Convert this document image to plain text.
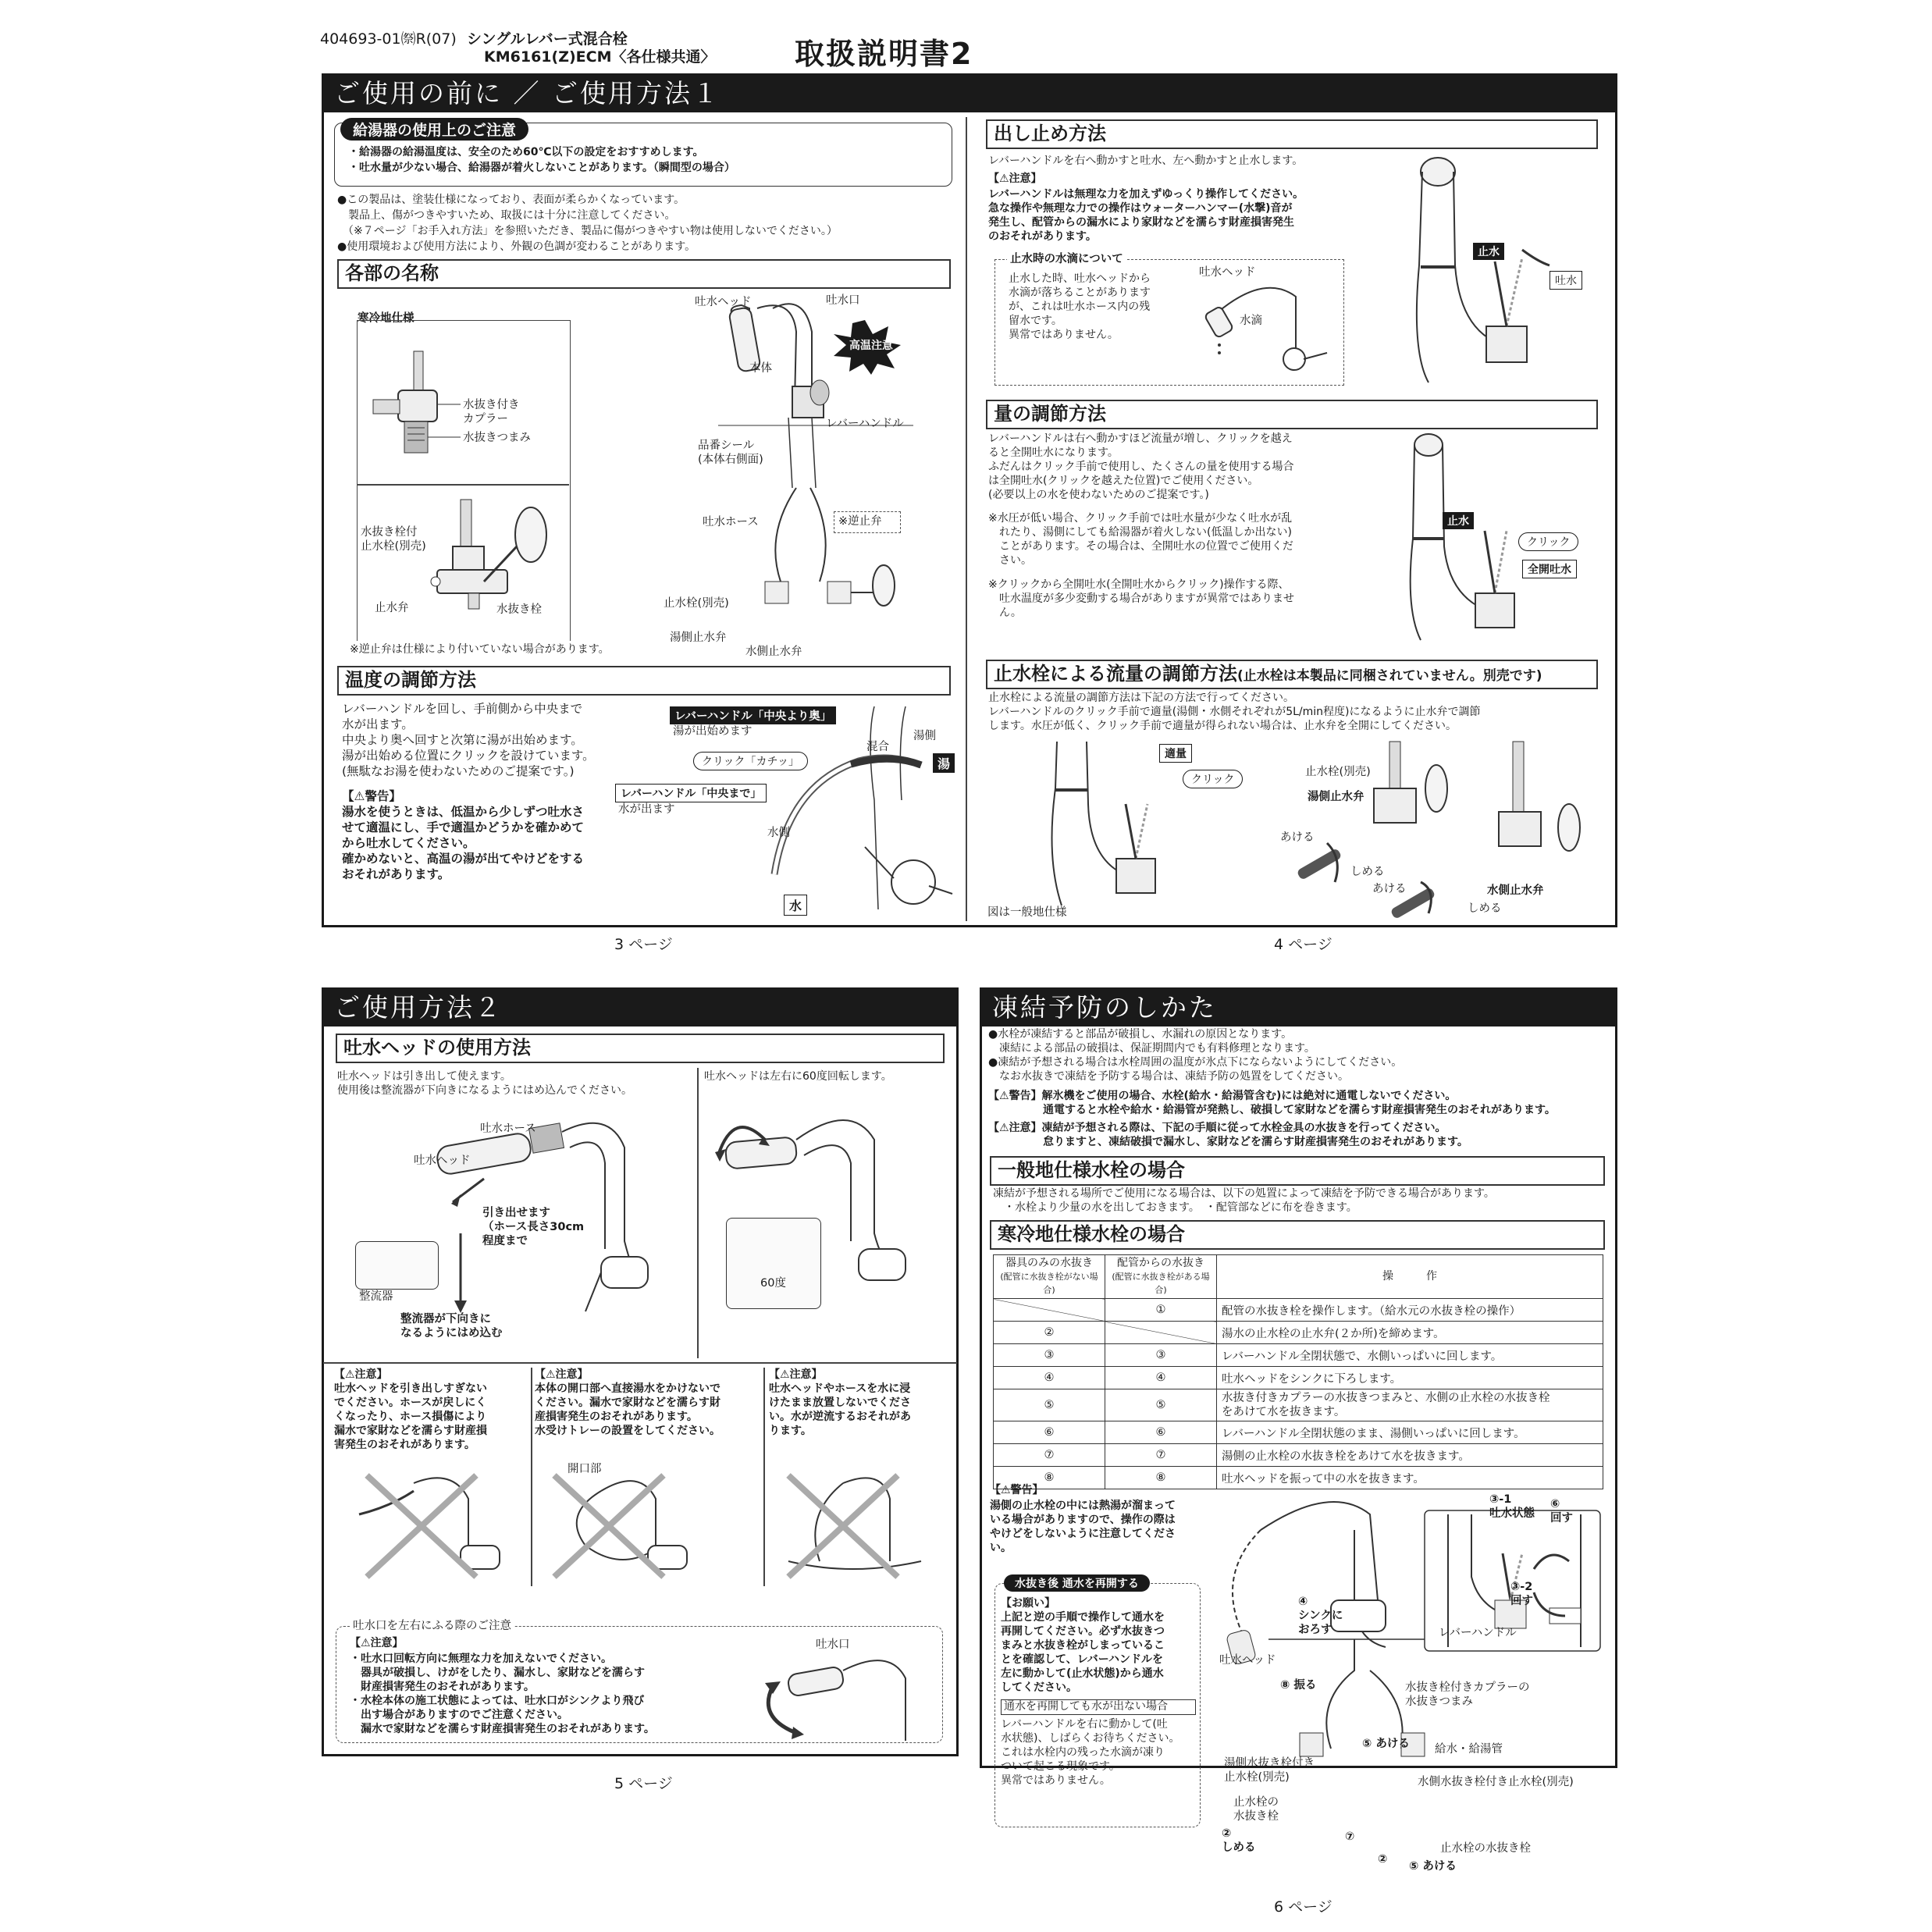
404693-01㉀R(07) シングルレバー式混合栓
KM6161(Z)ECM〈各仕様共通〉	取扱説明書2
ご使用の前に ／ ご使用方法１
給湯器の使用上のご注意
・給湯器の給湯温度は、安全のため60℃以下の設定をおすすめします。
・吐水量が少ない場合、給湯器が着火しないことがあります。（瞬間型の場合）
●この製品は、塗装仕様になっており、表面が柔らかくなっています。
　製品上、傷がつきやすいため、取扱には十分に注意してください。
　（※７ページ「お手入れ方法」を参照いただき、製品に傷がつきやすい物は使用しないでください。）
●使用環境および使用方法により、外観の色調が変わることがあります。
各部の名称
寒冷地仕様
水抜き付き
カプラー
水抜きつまみ
水抜き栓付
止水栓(別売)
止水弁	水抜き栓
※逆止弁は仕様により付いていない場合があります。
高温注意
吐水ヘッド	吐水口
本体
レバーハンドル
品番シール
(本体右側面)
吐水ホース	※逆止弁
止水栓(別売)
湯側止水弁
水側止水弁
温度の調節方法
レバーハンドルを回し、手前側から中央まで
水が出ます。
中央より奥へ回すと次第に湯が出始めます。
湯が出始める位置にクリックを設けています。
(無駄なお湯を使わないためのご提案です。)
【⚠警告】
湯水を使うときは、低温から少しずつ吐水さ
せて適温にし、手で適温かどうかを確かめて
から吐水してください。
確かめないと、高温の湯が出てやけどをする
おそれがあります。
レバーハンドル「中央より奥」
湯が出始めます
クリック「カチッ」
レバーハンドル「中央まで」
水が出ます
混合
湯側
湯
水側
水
3 ページ
出し止め方法
レバーハンドルを右へ動かすと吐水、左へ動かすと止水します。
【⚠注意】
レバーハンドルは無理な力を加えずゆっくり操作してください。
急な操作や無理な力での操作はウォーターハンマー(水撃)音が
発生し、配管からの漏水により家財などを濡らす財産損害発生
のおそれがあります。
止水時の水滴について
止水した時、吐水ヘッドから
水滴が落ちることがあります
が、これは吐水ホース内の残
留水です。
異常ではありません。
吐水ヘッド
水滴
止水
吐水
量の調節方法
レバーハンドルは右へ動かすほど流量が増し、クリックを越え
ると全開吐水になります。
ふだんはクリック手前で使用し、たくさんの量を使用する場合
は全開吐水(クリックを越えた位置)でご使用ください。
(必要以上の水を使わないためのご提案です。)
※水圧が低い場合、クリック手前では吐水量が少なく吐水が乱
　れたり、湯側にしても給湯器が着火しない(低温しか出ない)
　ことがあります。その場合は、全開吐水の位置でご使用くだ
　さい。
※クリックから全開吐水(全開吐水からクリック)操作する際、
　吐水温度が多少変動する場合がありますが異常ではありませ
　ん。
止水
クリック
全開吐水
止水栓による流量の調節方法(止水栓は本製品に同梱されていません。別売です)
止水栓による流量の調節方法は下記の方法で行ってください。
レバーハンドルのクリック手前で適量(湯側・水側それぞれが5L/min程度)になるように止水弁で調節
します。水圧が低く、クリック手前で適量が得られない場合は、止水弁を全開にしてください。
適量
クリック
止水栓(別売)
湯側止水弁
あける
しめる
あける	水側止水弁
しめる
図は一般地仕様
4 ページ
ご使用方法２
吐水ヘッドの使用方法
吐水ヘッドは引き出して使えます。
使用後は整流器が下向きになるようにはめ込んでください。
吐水ヘッドは左右に60度回転します。
吐水ホース
吐水ヘッド
引き出せます
（ホース長さ30cm
程度まで
整流器
整流器が下向きに
なるようにはめ込む
60度
【⚠注意】
吐水ヘッドを引き出しすぎない
でください。ホースが戻しにく
くなったり、ホース損傷により
漏水で家財などを濡らす財産損
害発生のおそれがあります。
【⚠注意】
本体の開口部へ直接湯水をかけないで
ください。漏水で家財などを濡らす財
産損害発生のおそれがあります。
水受けトレーの設置をしてください。
【⚠注意】
吐水ヘッドやホースを水に浸
けたまま放置しないでくださ
い。水が逆流するおそれがあ
ります。
開口部
吐水口を左右にふる際のご注意
【⚠注意】
・吐水口回転方向に無理な力を加えないでください。
　器具が破損し、けがをしたり、漏水し、家財などを濡らす
　財産損害発生のおそれがあります。
・水栓本体の施工状態によっては、吐水口がシンクより飛び
　出す場合がありますのでご注意ください。
　漏水で家財などを濡らす財産損害発生のおそれがあります。
吐水口
5 ページ
凍結予防のしかた
●水栓が凍結すると部品が破損し、水漏れの原因となります。
　凍結による部品の破損は、保証期間内でも有料修理となります。
●凍結が予想される場合は水栓周囲の温度が氷点下にならないようにしてください。
　なお水抜きで凍結を予防する場合は、凍結予防の処置をしてください。
【⚠警告】解氷機をご使用の場合、水栓(給水・給湯管含む)には絶対に通電しないでください。
　　　　　通電すると水栓や給水・給湯管が発熱し、破損して家財などを濡らす財産損害発生のおそれがあります。
【⚠注意】凍結が予想される際は、下記の手順に従って水栓金具の水抜きを行ってください。
　　　　　怠りますと、凍結破損で漏水し、家財などを濡らす財産損害発生のおそれがあります。
一般地仕様水栓の場合
凍結が予想される場所でご使用になる場合は、以下の処置によって凍結を予防できる場合があります。
　・水栓より少量の水を出しておきます。　・配管部などに布を巻きます。
寒冷地仕様水栓の場合
器具のみの水抜き
(配管に水抜き栓がない場合)	配管からの水抜き
(配管に水抜き栓がある場合)	操　　　作
	①	配管の水抜き栓を操作します。（給水元の水抜き栓の操作）
②		湯水の止水栓の止水弁(２か所)を締めます。
③	③	レバーハンドル全閉状態で、水側いっぱいに回します。
④	④	吐水ヘッドをシンクに下ろします。
⑤	⑤	水抜き付きカプラーの水抜きつまみと、水側の止水栓の水抜き栓
をあけて水を抜きます。
⑥	⑥	レバーハンドル全閉状態のまま、湯側いっぱいに回します。
⑦	⑦	湯側の止水栓の水抜き栓をあけて水を抜きます。
⑧	⑧	吐水ヘッドを振って中の水を抜きます。
【⚠警告】
湯側の止水栓の中には熱湯が溜まって
いる場合がありますので、操作の際は
やけどをしないように注意してくださ
い。
水抜き後 通水を再開する
【お願い】
上記と逆の手順で操作して通水を
再開してください。必ず水抜きつ
まみと水抜き栓がしまっているこ
とを確認して、レバーハンドルを
左に動かして(止水状態)から通水
してください。
通水を再開しても水が出ない場合
レバーハンドルを右に動かして(吐
水状態)、しばらくお待ちください。
これは水栓内の残った水滴が凍り
ついて起こる現象です。
異常ではありません。
③-1
吐水状態
⑥
回す
③-2
回す
④
シンクに
おろす	レバーハンドル
吐水ヘッド
⑧ 振る	水抜き栓付きカプラーの
水抜きつまみ
⑤ あける 給水・給湯管
湯側水抜き栓付き
止水栓(別売)	水側水抜き栓付き止水栓(別売)
止水栓の
水抜き栓
②
しめる
⑦
②
止水栓の水抜き栓
⑤ あける
6 ページ
